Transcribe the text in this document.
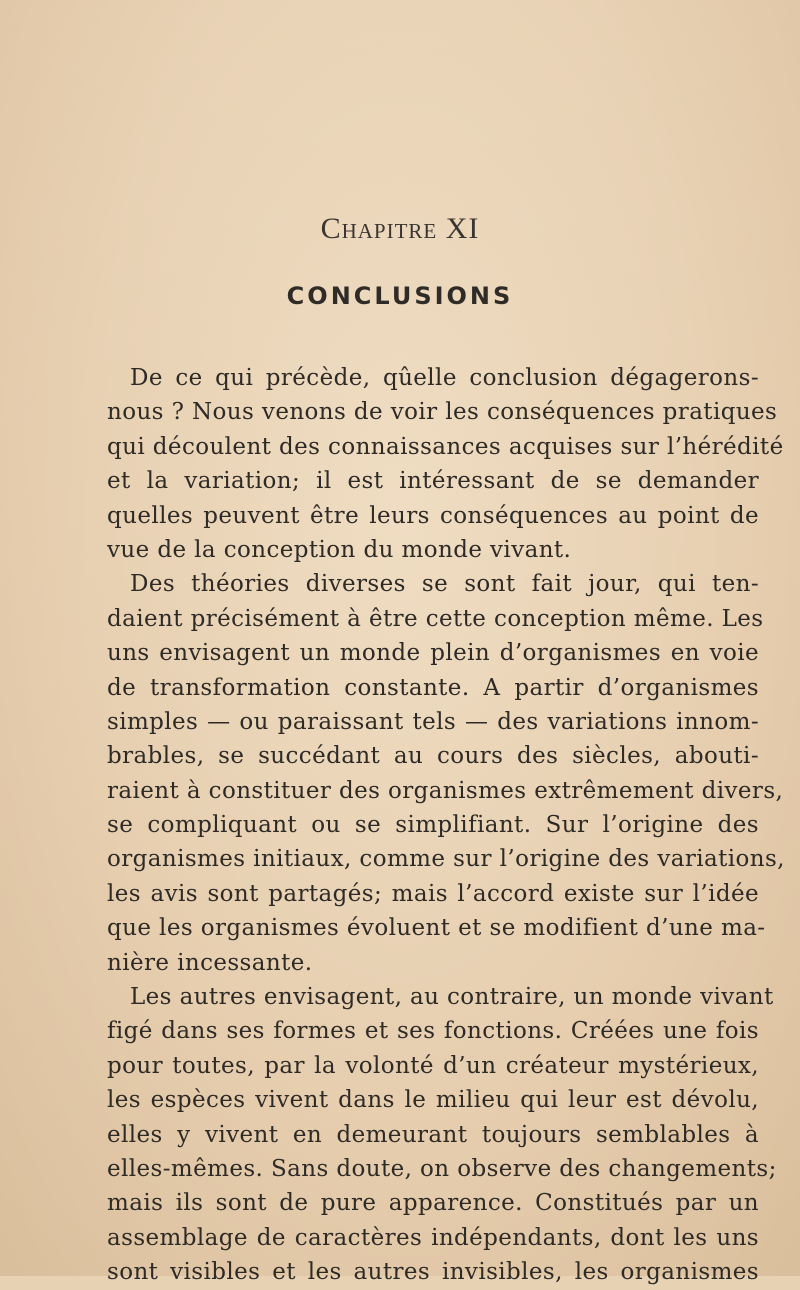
Chapitre XI
CONCLUSIONS
De ce qui précède, qûelle conclusion dégagerons-
nous ? Nous venons de voir les conséquences pratiques
qui découlent des connaissances acquises sur l’hérédité
et la variation; il est intéressant de se demander
quelles peuvent être leurs conséquences au point de
vue de la conception du monde vivant.
Des théories diverses se sont fait jour, qui ten-
daient précisément à être cette conception même. Les
uns envisagent un monde plein d’organismes en voie
de transformation constante. A partir d’organismes
simples — ou paraissant tels — des variations innom-
brables, se succédant au cours des siècles, abouti-
raient à constituer des organismes extrêmement divers,
se compliquant ou se simplifiant. Sur l’origine des
organismes initiaux, comme sur l’origine des variations,
les avis sont partagés; mais l’accord existe sur l’idée
que les organismes évoluent et se modifient d’une ma-
nière incessante.
Les autres envisagent, au contraire, un monde vivant
figé dans ses formes et ses fonctions. Créées une fois
pour toutes, par la volonté d’un créateur mystérieux,
les espèces vivent dans le milieu qui leur est dévolu,
elles y vivent en demeurant toujours semblables à
elles-mêmes. Sans doute, on observe des changements;
mais ils sont de pure apparence. Constitués par un
assemblage de caractères indépendants, dont les uns
sont visibles et les autres invisibles, les organismes
